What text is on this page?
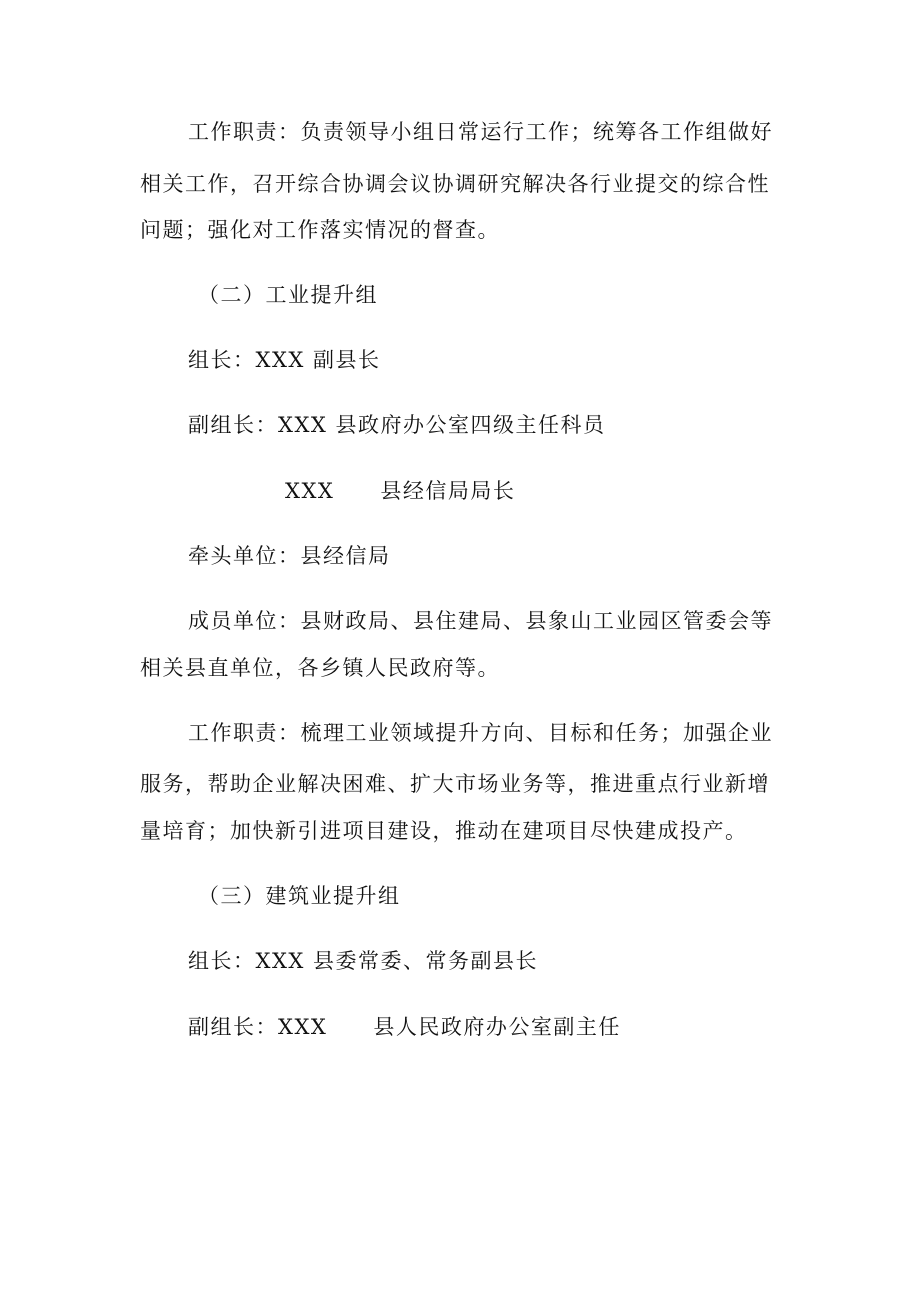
工作职责：负责领导小组日常运行工作；统筹各工作组做好
相关工作，召开综合协调会议协调研究解决各行业提交的综合性
问题；强化对工作落实情况的督查。
（二）工业提升组
组长：XXX 副县长
副组长：XXX 县政府办公室四级主任科员
XXX 县经信局局长
牵头单位：县经信局
成员单位：县财政局、县住建局、县象山工业园区管委会等
相关县直单位，各乡镇人民政府等。
工作职责：梳理工业领域提升方向、目标和任务；加强企业
服务，帮助企业解决困难、扩大市场业务等，推进重点行业新增
量培育；加快新引进项目建设，推动在建项目尽快建成投产。
（三）建筑业提升组
组长：XXX 县委常委、常务副县长
副组长：XXX 县人民政府办公室副主任
